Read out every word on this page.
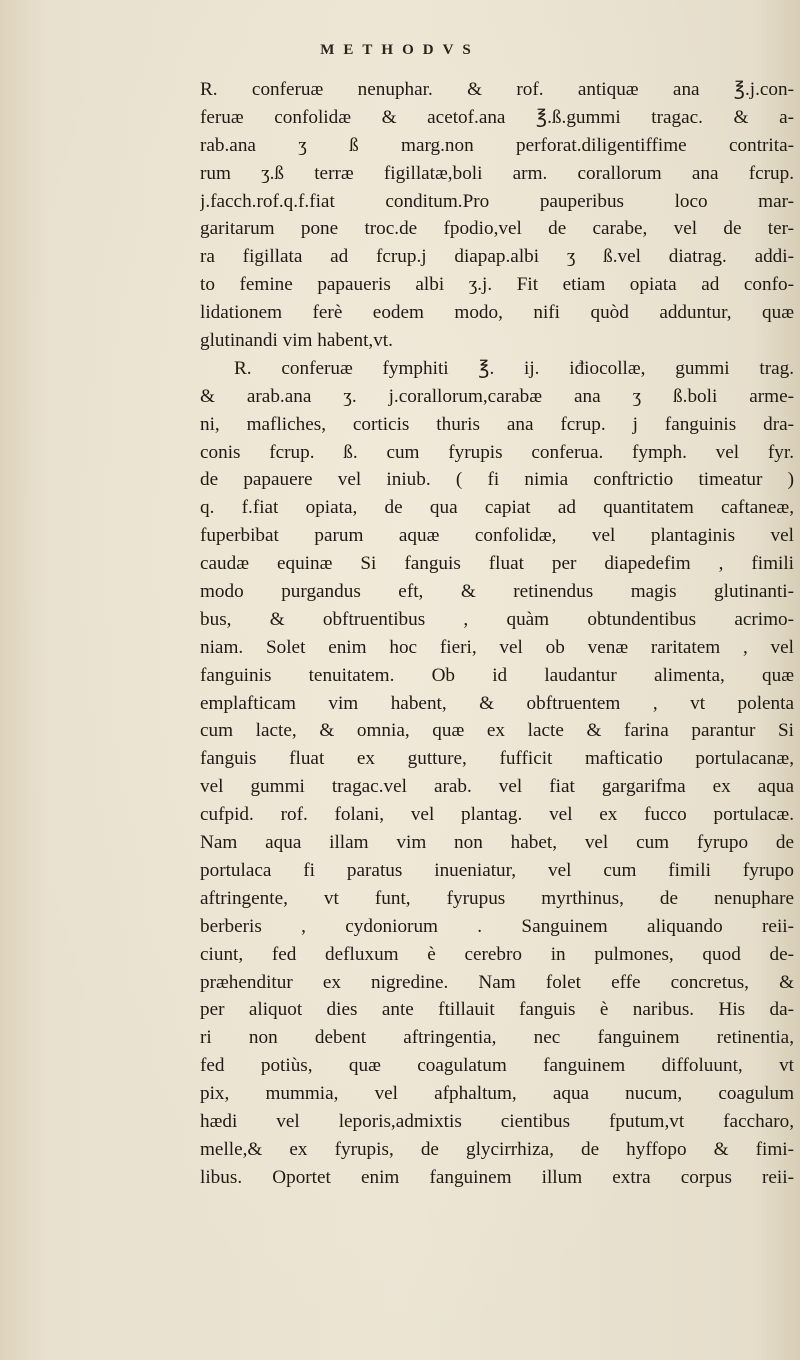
METHODVS
R. conferuæ nenuphar. & rof. antiquæ ana ℥.j.con-
feruæ confolidæ & acetof.ana ℥.ß.gummi tragac. & a-
rab.ana ʒ ß marg.non perforat.diligentiffime contrita-
rum ʒ.ß terræ figillatæ,boli arm. corallorum ana fcrup.
j.facch.rof.q.f.fiat conditum.Pro pauperibus loco mar-
garitarum pone troc.de fpodio,vel de carabe, vel de ter-
ra figillata ad fcrup.j diapap.albi ʒ ß.vel diatrag. addi-
to femine papaueris albi ʒ.j. Fit etiam opiata ad confo-
lidationem ferè eodem modo, nifi quòd adduntur, quæ
glutinandi vim habent,vt.
R. conferuæ fymphiti ℥. ij. iđiocollæ, gummi trag.
& arab.ana ʒ. j.corallorum,carabæ ana ʒ ß.boli arme-
ni, mafliches, corticis thuris ana fcrup. j fanguinis dra-
conis fcrup. ß. cum fyrupis conferua. fymph. vel fyr.
de papauere vel iniub. ( fi nimia conftrictio timeatur )
q. f.fiat opiata, de qua capiat ad quantitatem caftaneæ,
fuperbibat parum aquæ confolidæ, vel plantaginis vel
caudæ equinæ Si fanguis fluat per diapedefim , fimili
modo purgandus eft, & retinendus magis glutinanti-
bus, & obftruentibus , quàm obtundentibus acrimo-
niam. Solet enim hoc fieri, vel ob venæ raritatem , vel
fanguinis tenuitatem. Ob id laudantur alimenta, quæ
emplafticam vim habent, & obftruentem , vt polenta
cum lacte, & omnia, quæ ex lacte & farina parantur Si
fanguis fluat ex gutture, fufficit mafticatio portulacanæ,
vel gummi tragac.vel arab. vel fiat gargarifma ex aqua
cufpid. rof. folani, vel plantag. vel ex fucco portulacæ.
Nam aqua illam vim non habet, vel cum fyrupo de
portulaca fi paratus inueniatur, vel cum fimili fyrupo
aftringente, vt funt, fyrupus myrthinus, de nenuphare
berberis , cydoniorum . Sanguinem aliquando reii-
ciunt, fed defluxum è cerebro in pulmones, quod de-
præhenditur ex nigredine. Nam folet effe concretus, &
per aliquot dies ante ftillauit fanguis è naribus. His da-
ri non debent aftringentia, nec fanguinem retinentia,
fed potiùs, quæ coagulatum fanguinem diffoluunt, vt
pix, mummia, vel afphaltum, aqua nucum, coagulum
hædi vel leporis,admixtis cientibus fputum,vt faccharo,
melle,& ex fyrupis, de glycirrhiza, de hyffopo & fimi-
libus. Oportet enim fanguinem illum extra corpus reii-
